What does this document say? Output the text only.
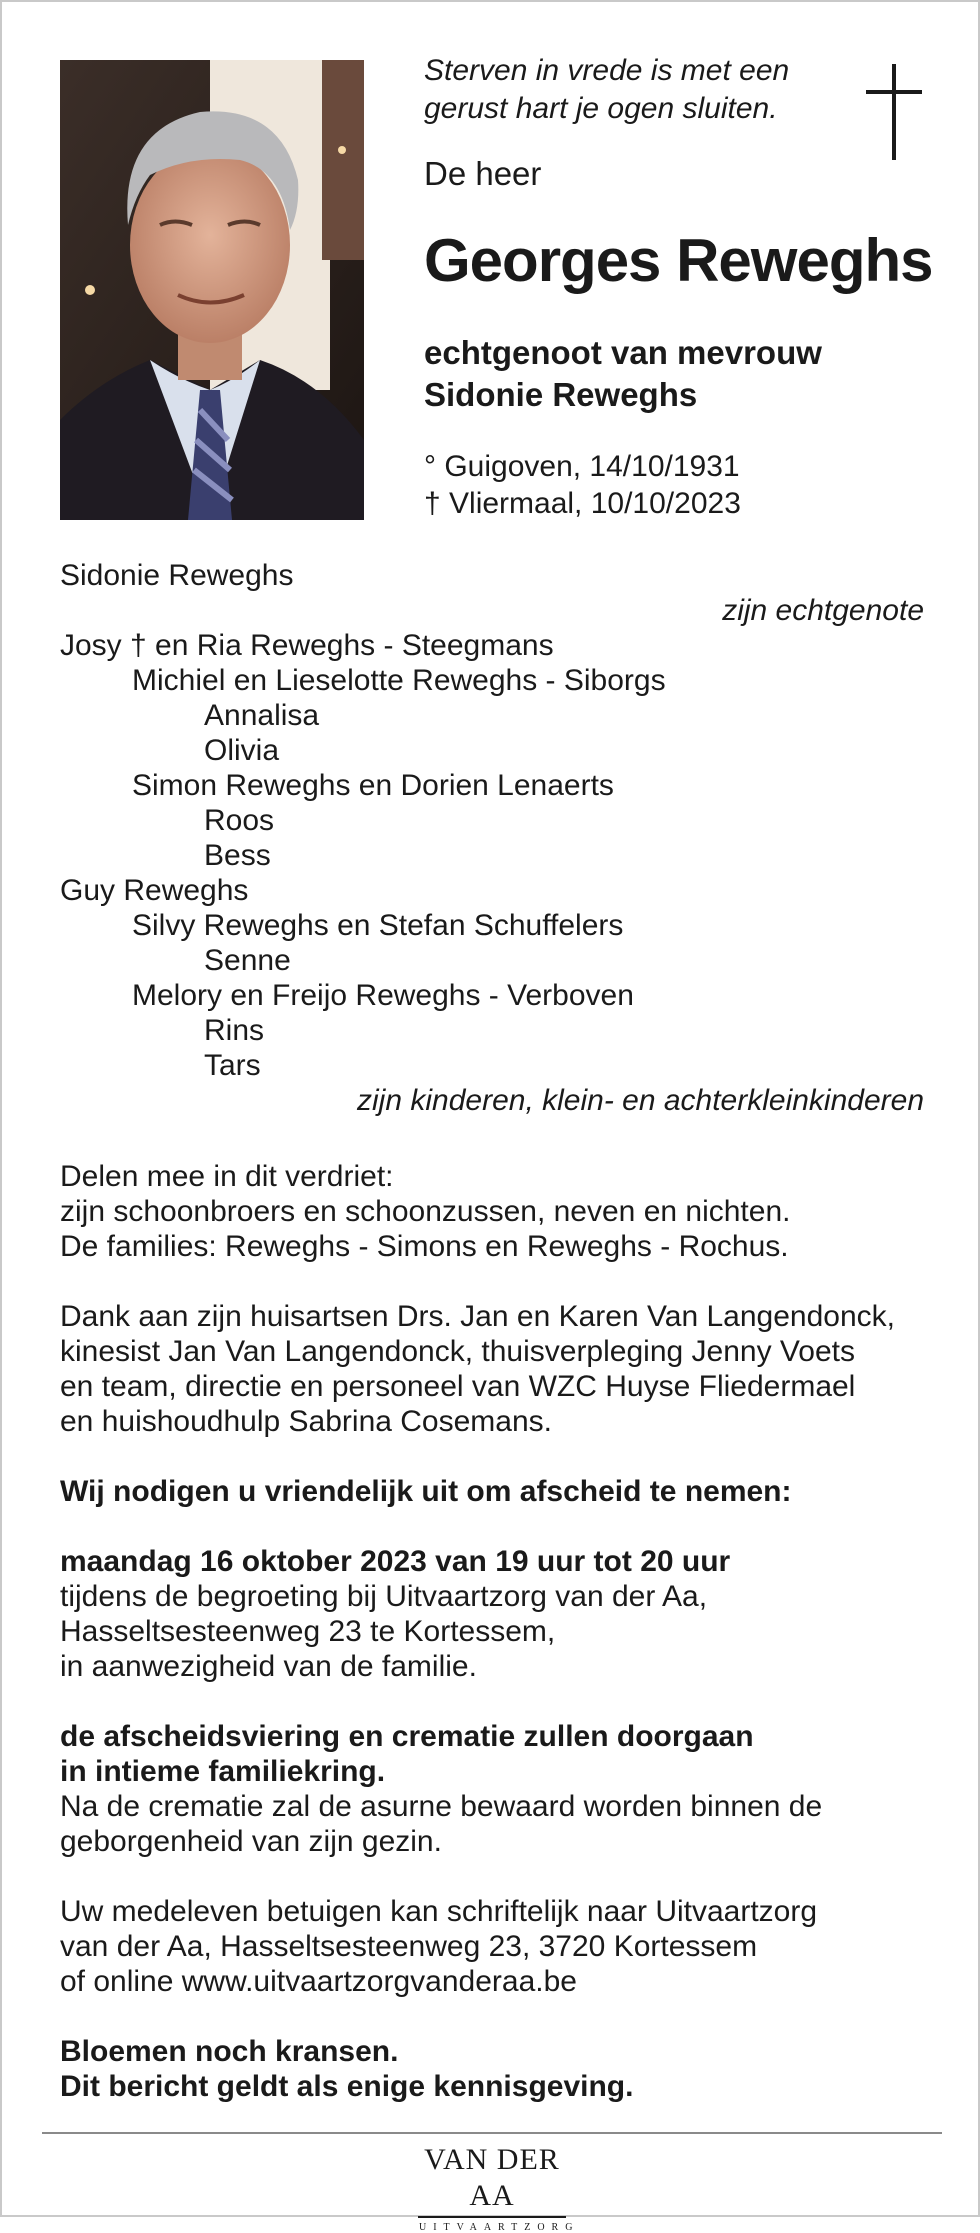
Sterven in vrede is met een
gerust hart je ogen sluiten.
De heer
Georges Reweghs
echtgenoot van mevrouw
Sidonie Reweghs
° Guigoven, 14/10/1931
† Vliermaal, 10/10/2023
Sidonie Reweghs
zijn echtgenote
Josy † en Ria Reweghs - Steegmans
Michiel en Lieselotte Reweghs - Siborgs
Annalisa
Olivia
Simon Reweghs en Dorien Lenaerts
Roos
Bess
Guy Reweghs
Silvy Reweghs en Stefan Schuffelers
Senne
Melory en Freijo Reweghs - Verboven
Rins
Tars
zijn kinderen, klein- en achterkleinkinderen

Delen mee in dit verdriet:
zijn schoonbroers en schoonzussen, neven en nichten.
De families: Reweghs - Simons en Reweghs - Rochus.

Dank aan zijn huisartsen Drs. Jan en Karen Van Langendonck,
kinesist Jan Van Langendonck, thuisverpleging Jenny Voets
en team, directie en personeel van WZC Huyse Fliedermael
en huishoudhulp Sabrina Cosemans.

Wij nodigen u vriendelijk uit om afscheid te nemen:

maandag 16 oktober 2023 van 19 uur tot 20 uur
tijdens de begroeting bij Uitvaartzorg van der Aa,
Hasseltsesteenweg 23 te Kortessem,
in aanwezigheid van de familie.

de afscheidsviering en crematie zullen doorgaan
in intieme familiekring.
Na de crematie zal de asurne bewaard worden binnen de
geborgenheid van zijn gezin.

Uw medeleven betuigen kan schriftelijk naar Uitvaartzorg
van der Aa, Hasseltsesteenweg 23, 3720 Kortessem
of online www.uitvaartzorgvanderaa.be

Bloemen noch kransen.
Dit bericht geldt als enige kennisgeving.

VAN DER AA
UITVAARTZORG
